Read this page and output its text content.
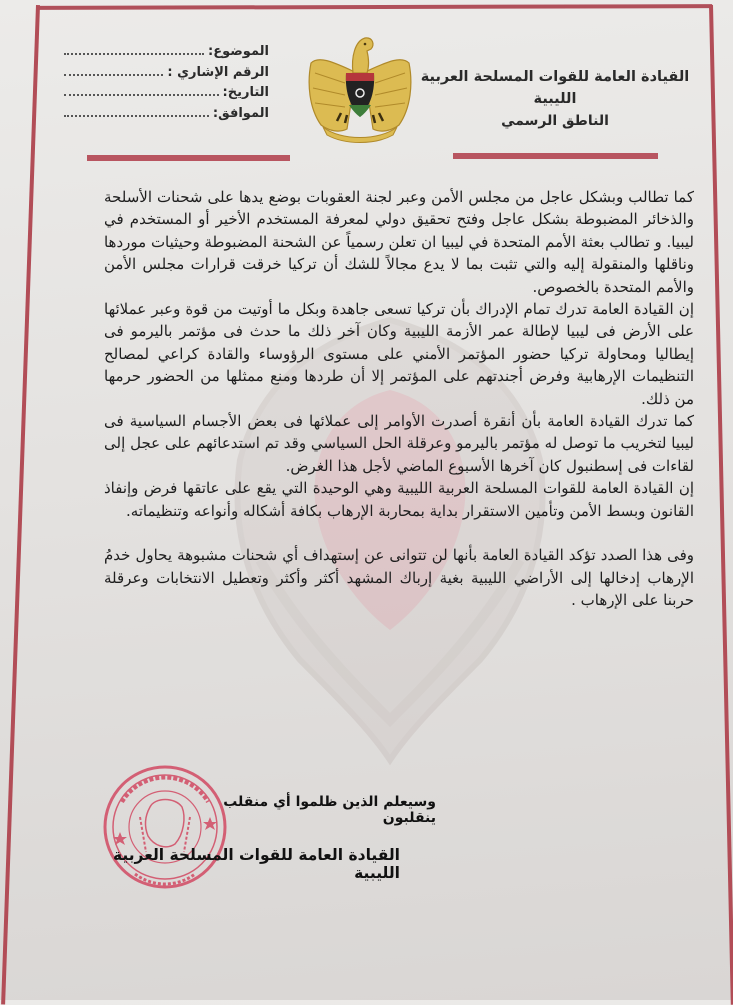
القيادة العامة للقوات المسلحة العربية الليبية
الناطق الرسمي
الموضوع:
الرقم الإشاري :
التاريخ:
الموافق:

كما تطالب وبشكل عاجل من مجلس الأمن وعبر لجنة العقوبات بوضع يدها على شحنات الأسلحة والذخائر المضبوطة بشكل عاجل وفتح تحقيق دولي لمعرفة المستخدم الأخير أو المستخدم في ليبيا. و تطالب بعثة الأمم المتحدة في ليبيا ان تعلن رسمياً عن الشحنة المضبوطة وحيثيات موردها وناقلها والمنقولة إليه والتي تثبت بما لا يدع مجالاً للشك أن تركيا خرقت قرارات مجلس الأمن والأمم المتحدة بالخصوص.

إن القيادة العامة تدرك تمام الإدراك بأن تركيا تسعى جاهدة وبكل ما أوتيت من قوة وعبر عملائها على الأرض فى ليبيا لإطالة عمر الأزمة الليبية وكان آخر ذلك ما حدث فى مؤتمر باليرمو فى إيطاليا ومحاولة تركيا حضور المؤتمر الأمني على مستوى الرؤوساء والقادة كراعي لمصالح التنظيمات الإرهابية وفرض أجندتهم على المؤتمر إلا أن طردها ومنع ممثلها من الحضور حرمها من ذلك.

كما تدرك القيادة العامة بأن أنقرة أصدرت الأوامر إلى عملائها فى بعض الأجسام السياسية فى ليبيا لتخريب ما توصل له مؤتمر باليرمو وعرقلة الحل السياسي وقد تم استدعائهم على عجل إلى لقاءات فى إسطنبول كان آخرها الأسبوع الماضي لأجل هذا الغرض.

إن القيادة العامة للقوات المسلحة العربية الليبية وهي الوحيدة التي يقع على عاتقها فرض وإنفاذ القانون وبسط الأمن وتأمين الاستقرار بداية بمحاربة الإرهاب بكافة أشكاله وأنواعه وتنظيماته.

وفى هذا الصدد تؤكد القيادة العامة بأنها لن تتوانى عن إستهداف أي شحنات مشبوهة يحاول خدمُ الإرهاب إدخالها إلى الأراضي الليبية بغية إرباك المشهد أكثر وأكثر وتعطيل الانتخابات وعرقلة حربنا على الإرهاب .

وسيعلم الذين ظلموا أي منقلب ينقلبون
القيادة العامة للقوات المسلحة العربية الليبية
